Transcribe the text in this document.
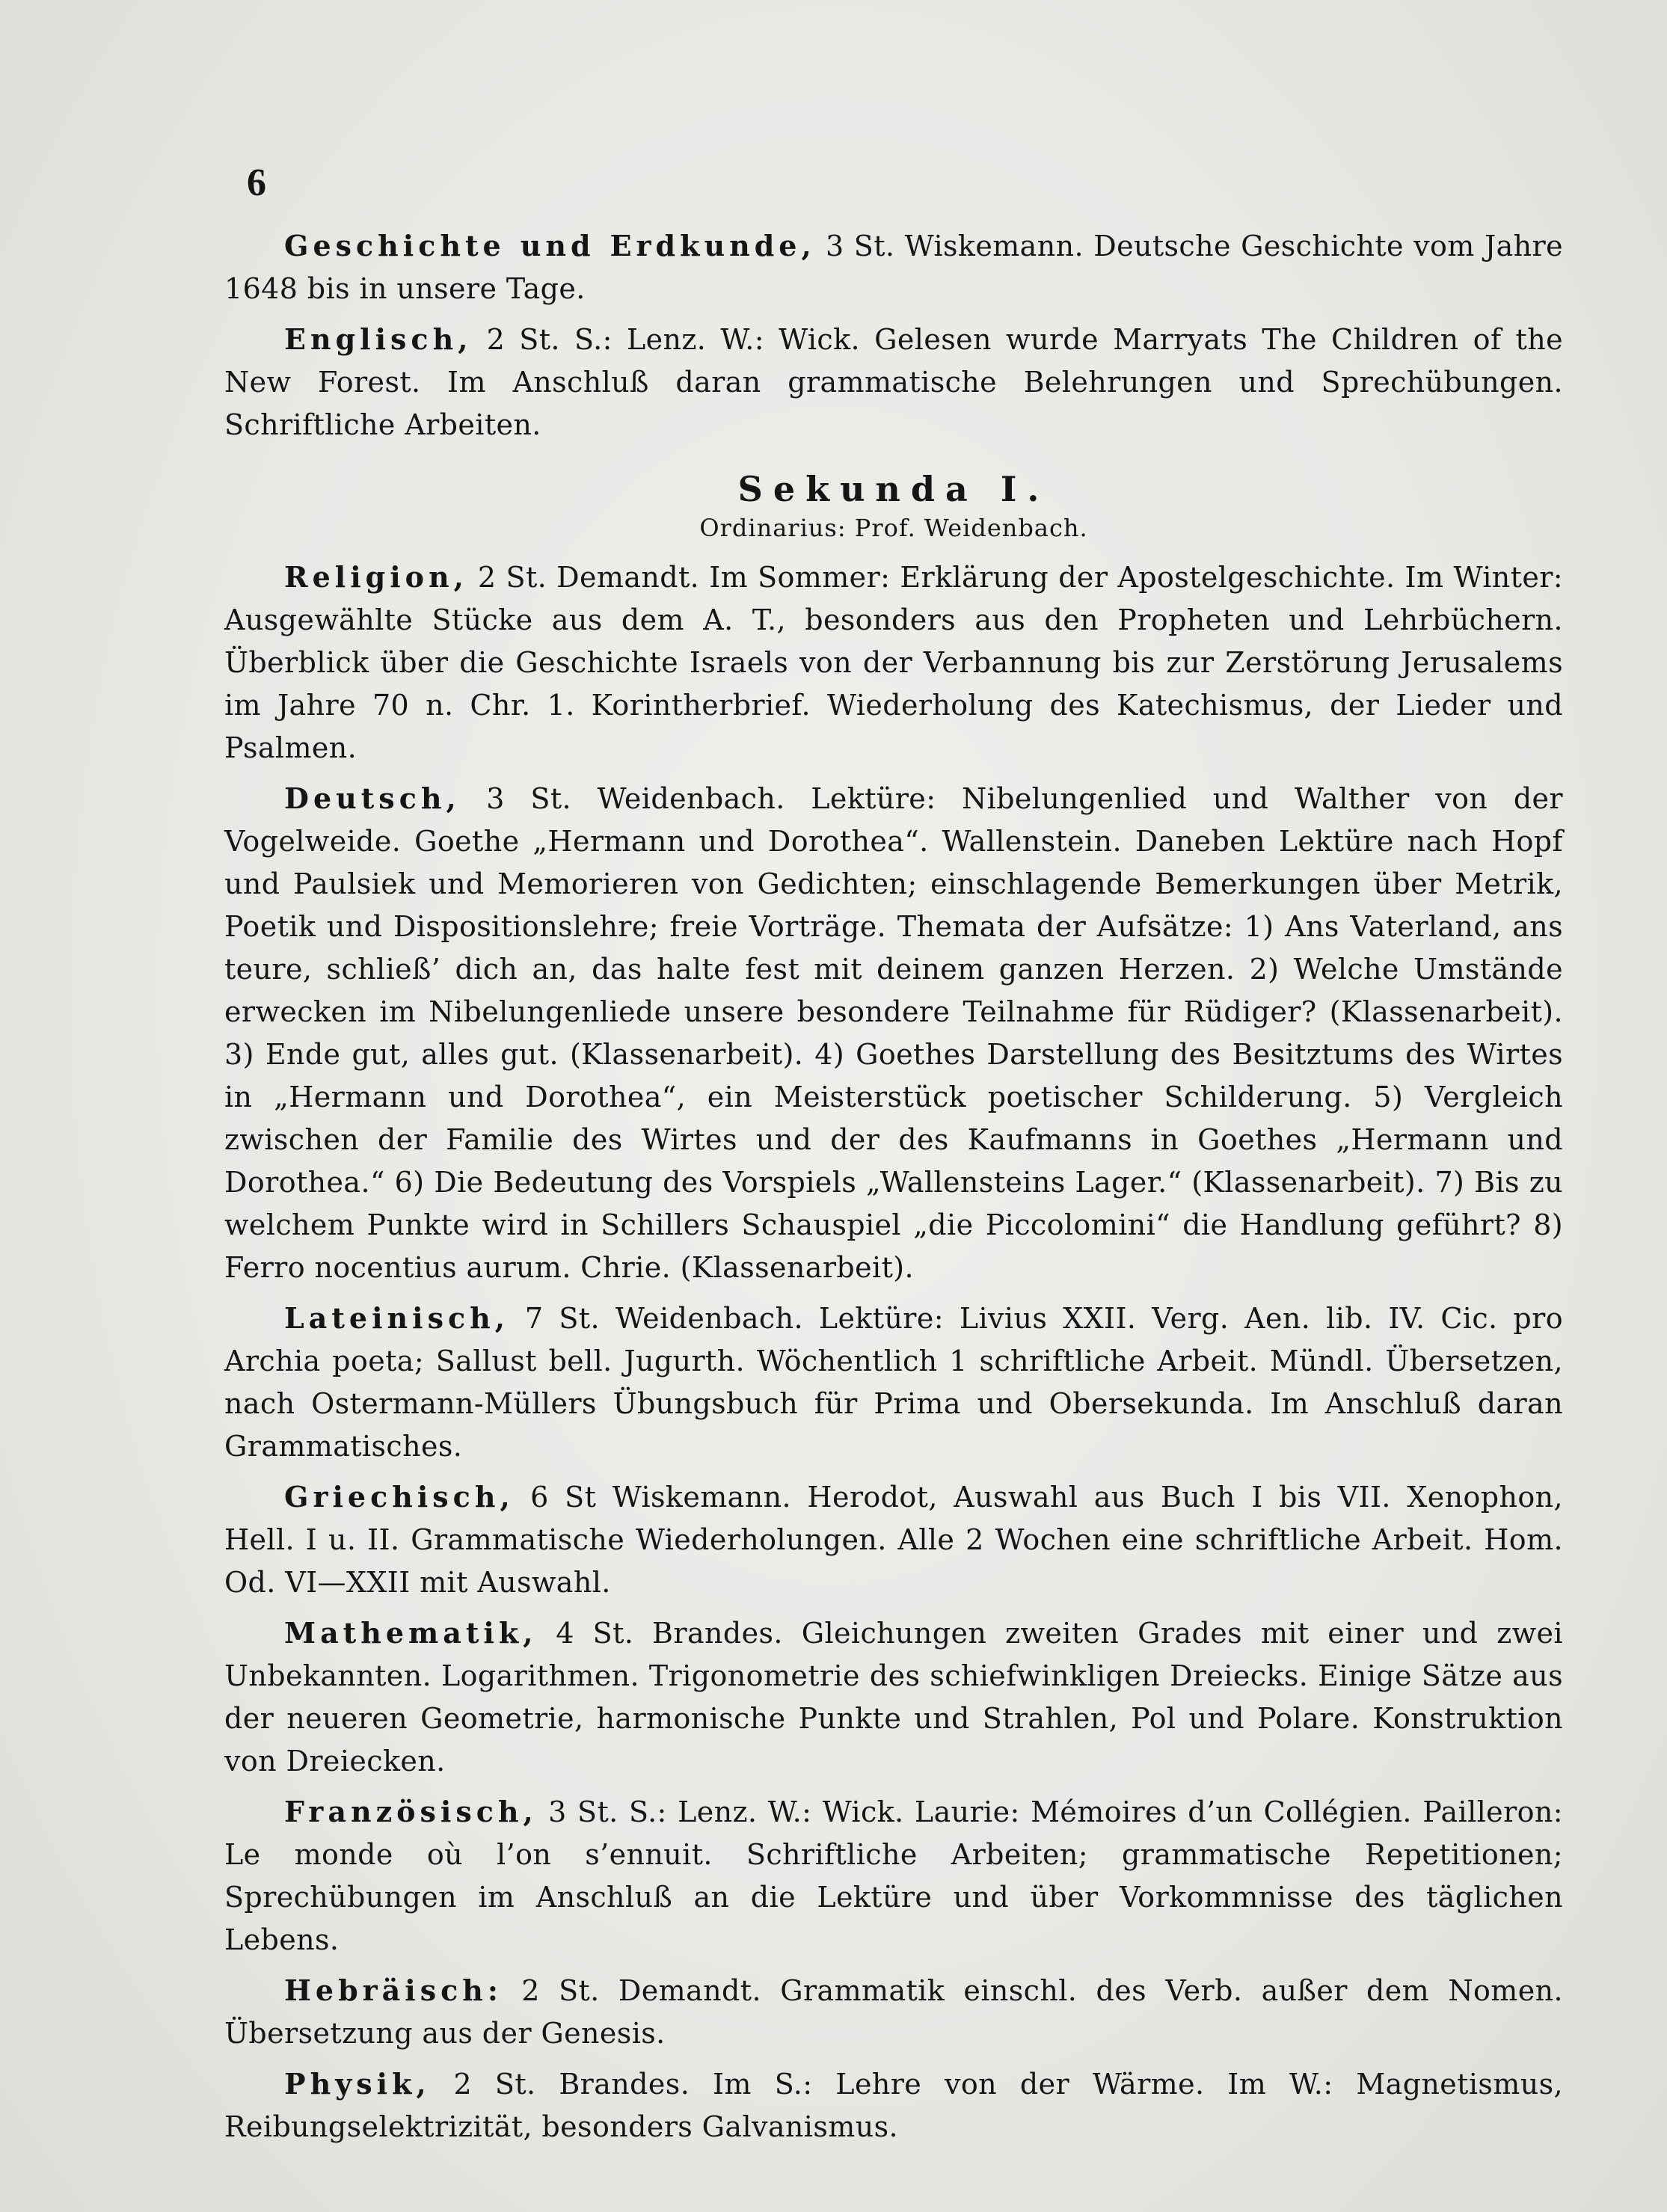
6

Geschichte und Erdkunde, 3 St. Wiskemann. Deutsche Geschichte vom Jahre 1648 bis in unsere Tage.

Englisch, 2 St. S.: Lenz. W.: Wick. Gelesen wurde Marryats The Children of the New Forest. Im Anschluß daran grammatische Belehrungen und Sprechübungen. Schriftliche Arbeiten.

Sekunda I.
Ordinarius: Prof. Weidenbach.

Religion, 2 St. Demandt. Im Sommer: Erklärung der Apostelgeschichte. Im Winter: Ausgewählte Stücke aus dem A. T., besonders aus den Propheten und Lehrbüchern. Überblick über die Geschichte Israels von der Verbannung bis zur Zerstörung Jerusalems im Jahre 70 n. Chr. 1. Korintherbrief. Wiederholung des Katechismus, der Lieder und Psalmen.

Deutsch, 3 St. Weidenbach. Lektüre: Nibelungenlied und Walther von der Vogelweide. Goethe „Hermann und Dorothea“. Wallenstein. Daneben Lektüre nach Hopf und Paulsiek und Memorieren von Gedichten; einschlagende Bemerkungen über Metrik, Poetik und Dispositionslehre; freie Vorträge. Themata der Aufsätze: 1) Ans Vaterland, ans teure, schließ’ dich an, das halte fest mit deinem ganzen Herzen. 2) Welche Umstände erwecken im Nibelungenliede unsere besondere Teilnahme für Rüdiger? (Klassenarbeit). 3) Ende gut, alles gut. (Klassenarbeit). 4) Goethes Darstellung des Besitztums des Wirtes in „Hermann und Dorothea“, ein Meisterstück poetischer Schilderung. 5) Vergleich zwischen der Familie des Wirtes und der des Kaufmanns in Goethes „Hermann und Dorothea.“ 6) Die Bedeutung des Vorspiels „Wallensteins Lager.“ (Klassenarbeit). 7) Bis zu welchem Punkte wird in Schillers Schauspiel „die Piccolomini“ die Handlung geführt? 8) Ferro nocentius aurum. Chrie. (Klassenarbeit).

Lateinisch, 7 St. Weidenbach. Lektüre: Livius XXII. Verg. Aen. lib. IV. Cic. pro Archia poeta; Sallust bell. Jugurth. Wöchentlich 1 schriftliche Arbeit. Mündl. Übersetzen, nach Ostermann-Müllers Übungsbuch für Prima und Obersekunda. Im Anschluß daran Grammatisches.

Griechisch, 6 St Wiskemann. Herodot, Auswahl aus Buch I bis VII. Xenophon, Hell. I u. II. Grammatische Wiederholungen. Alle 2 Wochen eine schriftliche Arbeit. Hom. Od. VI—XXII mit Auswahl.

Mathematik, 4 St. Brandes. Gleichungen zweiten Grades mit einer und zwei Unbekannten. Logarithmen. Trigonometrie des schiefwinkligen Dreiecks. Einige Sätze aus der neueren Geometrie, harmonische Punkte und Strahlen, Pol und Polare. Konstruktion von Dreiecken.

Französisch, 3 St. S.: Lenz. W.: Wick. Laurie: Mémoires d’un Collégien. Pailleron: Le monde où l’on s’ennuit. Schriftliche Arbeiten; grammatische Repetitionen; Sprechübungen im Anschluß an die Lektüre und über Vorkommnisse des täglichen Lebens.

Hebräisch: 2 St. Demandt. Grammatik einschl. des Verb. außer dem Nomen. Übersetzung aus der Genesis.

Physik, 2 St. Brandes. Im S.: Lehre von der Wärme. Im W.: Magnetismus, Reibungselektrizität, besonders Galvanismus.
